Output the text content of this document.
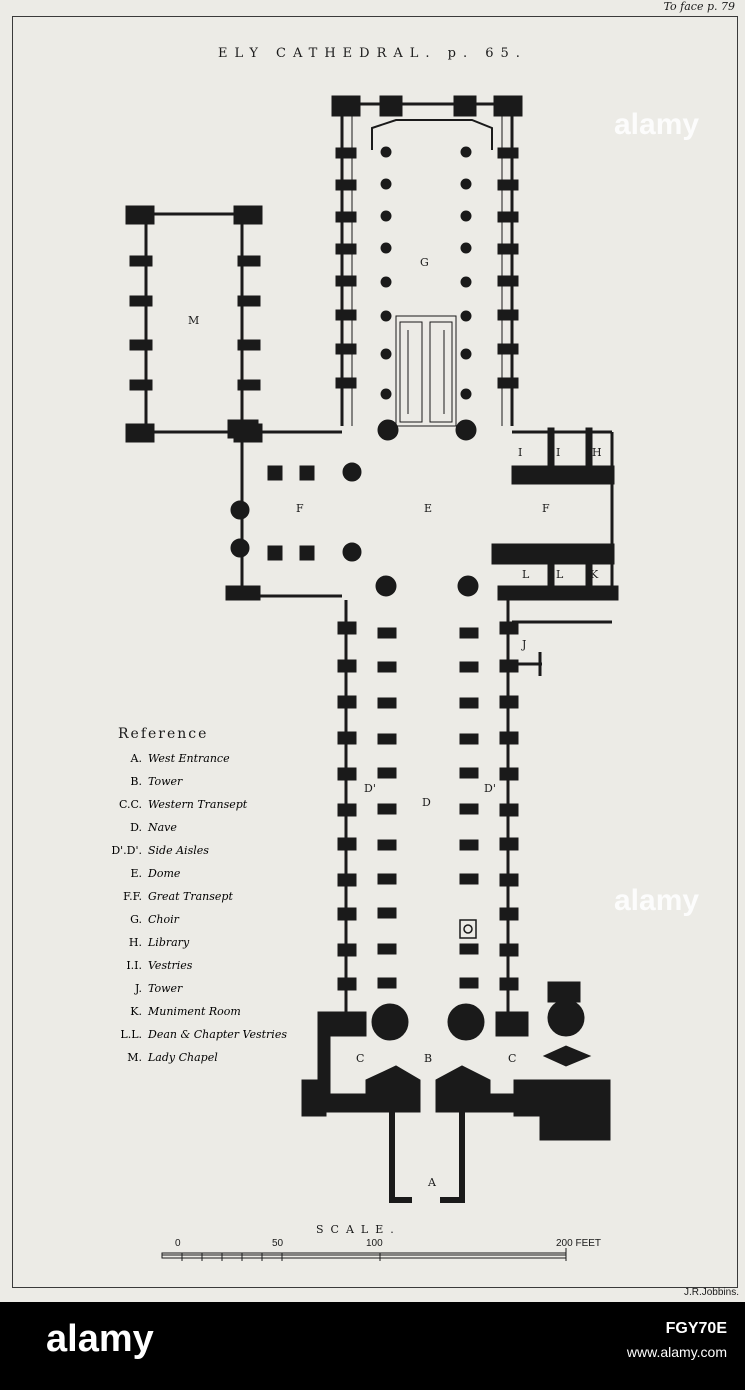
To face p. 79
ELY CATHEDRAL. p. 65.
G
M
F	E	F
I	I	H
L L K
J
D'
D
D'
C	B	C
A
Reference
A. West Entrance
B. Tower
C.C. Western Transept
D. Nave
D'.D'. Side Aisles
E. Dome
F.F. Great Transept
G. Choir
H. Library
I.I. Vestries
J. Tower
K. Muniment Room
L.L. Dean & Chapter Vestries
M. Lady Chapel
SCALE.
0	50	100	200 FEET
J.R.Jobbins.
alamy
alamy
alamy	FGY70E
www.alamy.com
